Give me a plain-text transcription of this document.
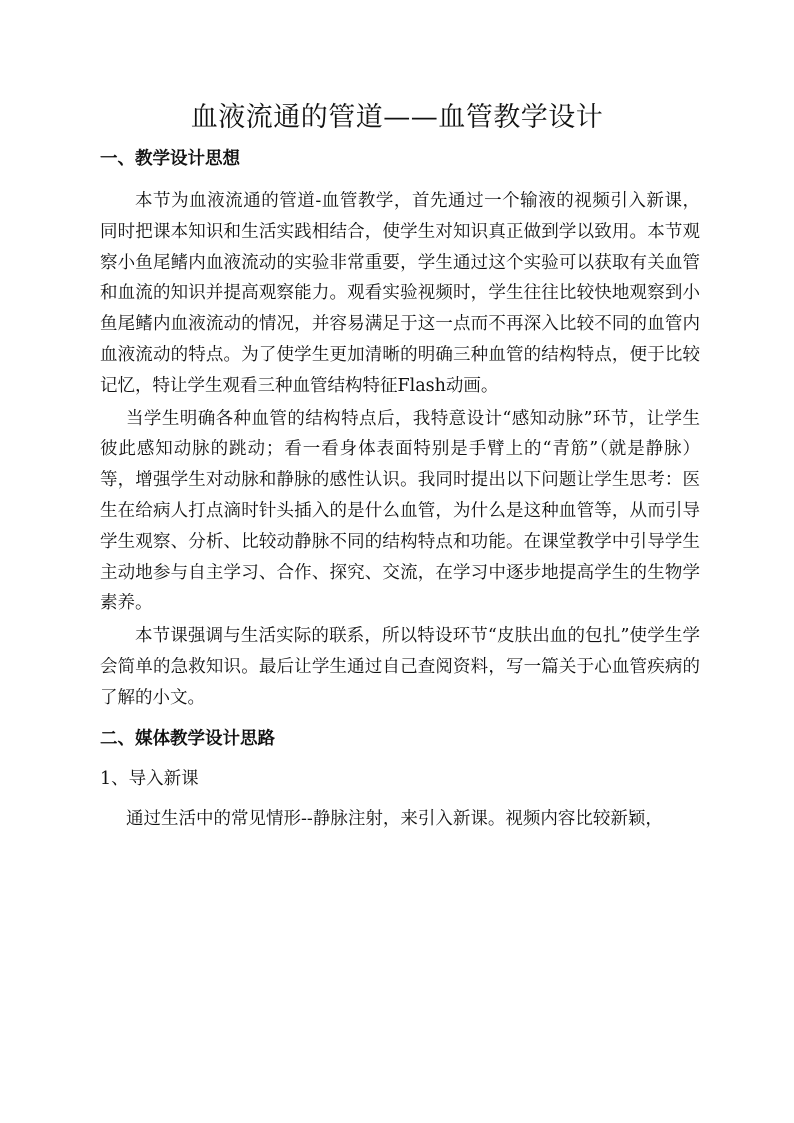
血液流通的管道——血管教学设计
一、教学设计思想

本节为血液流通的管道-血管教学，首先通过一个输液的视频引入新课，同时把课本知识和生活实践相结合，使学生对知识真正做到学以致用。本节观察小鱼尾鳍内血液流动的实验非常重要，学生通过这个实验可以获取有关血管和血流的知识并提高观察能力。观看实验视频时，学生往往比较快地观察到小鱼尾鳍内血液流动的情况，并容易满足于这一点而不再深入比较不同的血管内血液流动的特点。为了使学生更加清晰的明确三种血管的结构特点，便于比较记忆，特让学生观看三种血管结构特征Flash动画。

当学生明确各种血管的结构特点后，我特意设计“感知动脉”环节，让学生彼此感知动脉的跳动；看一看身体表面特别是手臂上的“青筋”（就是静脉）等，增强学生对动脉和静脉的感性认识。我同时提出以下问题让学生思考：医生在给病人打点滴时针头插入的是什么血管，为什么是这种血管等，从而引导学生观察、分析、比较动静脉不同的结构特点和功能。在课堂教学中引导学生主动地参与自主学习、合作、探究、交流，在学习中逐步地提高学生的生物学素养。

本节课强调与生活实际的联系，所以特设环节“皮肤出血的包扎”使学生学会简单的急救知识。最后让学生通过自己查阅资料，写一篇关于心血管疾病的了解的小文。

二、媒体教学设计思路

1、导入新课

通过生活中的常见情形--静脉注射，来引入新课。视频内容比较新颖，
